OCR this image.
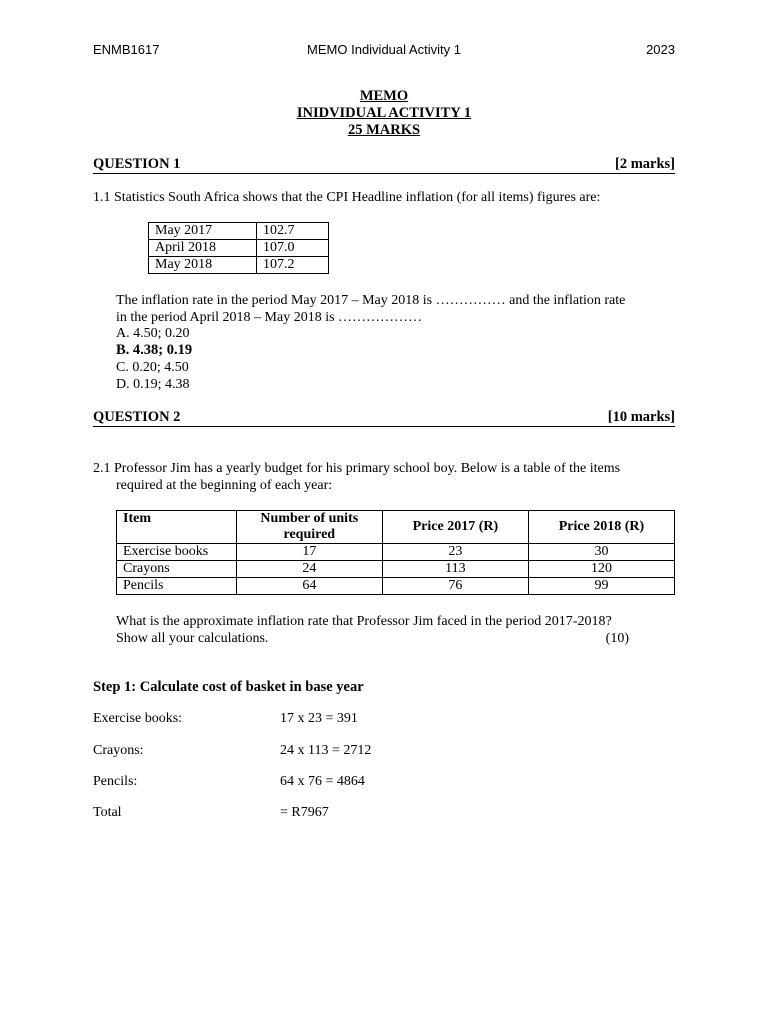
ENMB1617	MEMO Individual Activity 1	2023
MEMO
INIDVIDUAL ACTIVITY 1
25 MARKS
QUESTION 1	[2 marks]
1.1 Statistics South Africa shows that the CPI Headline inflation (for all items) figures are:
May 2017	102.7
April 2018	107.0
May 2018	107.2
The inflation rate in the period May 2017 – May 2018 is …………… and the inflation rate
in the period April 2018 – May 2018 is ………………
A. 4.50; 0.20
B. 4.38; 0.19
C. 0.20; 4.50
D. 0.19; 4.38
QUESTION 2	[10 marks]
2.1 Professor Jim has a yearly budget for his primary school boy. Below is a table of the items
required at the beginning of each year:
Item	Number of units required	Price 2017 (R)	Price 2018 (R)
Exercise books	17	23	30
Crayons	24	113	120
Pencils	64	76	99
What is the approximate inflation rate that Professor Jim faced in the period 2017-2018?
Show all your calculations.	(10)
Step 1: Calculate cost of basket in base year
Exercise books:	17 x 23 = 391
Crayons:	24 x 113 = 2712
Pencils:	64 x 76 = 4864
Total	= R7967
